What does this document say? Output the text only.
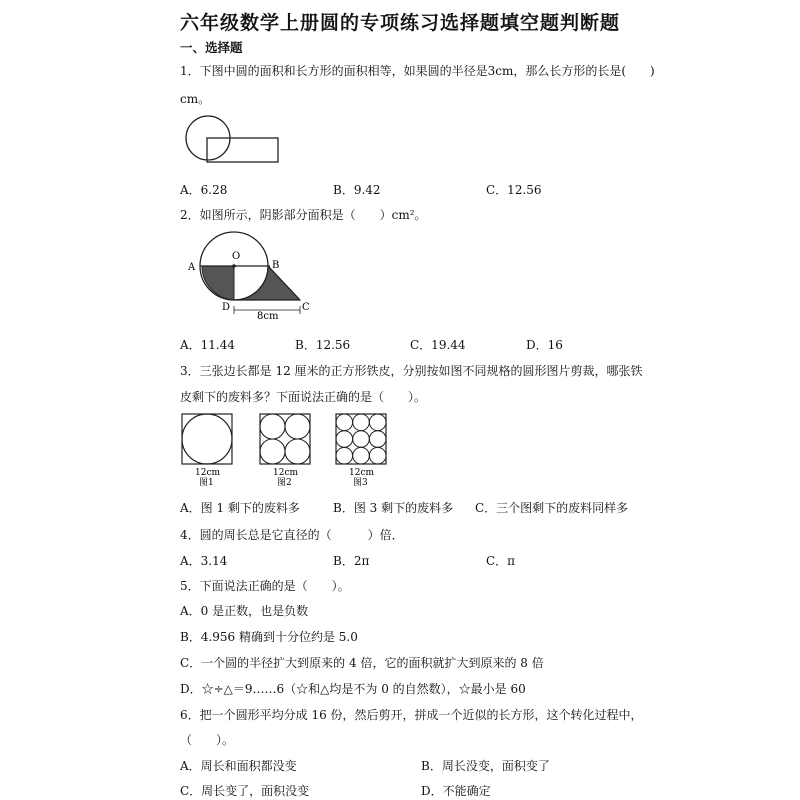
六年级数学上册圆的专项练习选择题填空题判断题
一、选择题
1．下图中圆的面积和长方形的面积相等，如果圆的半径是3cm，那么长方形的长是(　　)
cm。
A．6.28	B．9.42	C．12.56
2．如图所示，阴影部分面积是（　　）cm²。
O
A	B
D	C
8cm
A．11.44	B．12.56	C．19.44	D．16
3．三张边长都是 12 厘米的正方形铁皮，分别按如图不同规格的圆形图片剪裁，哪张铁
皮剩下的废料多？下面说法正确的是（　　）。
12cm
图1
12cm
图2
12cm
图3
A．图 1 剩下的废料多	B．图 3 剩下的废料多 C．三个图剩下的废料同样多
4．圆的周长总是它直径的（　　　）倍．
A．3.14	B．2π	C．π
5．下面说法正确的是（　　）。
A．0 是正数，也是负数
B．4.956 精确到十分位约是 5.0
C．一个圆的半径扩大到原来的 4 倍，它的面积就扩大到原来的 8 倍
D．☆÷△＝9……6（☆和△均是不为 0 的自然数），☆最小是 60
6．把一个圆形平均分成 16 份，然后剪开，拼成一个近似的长方形，这个转化过程中，
（　　）。
A．周长和面积都没变	B．周长没变，面积变了
C．周长变了，面积没变	D．不能确定
